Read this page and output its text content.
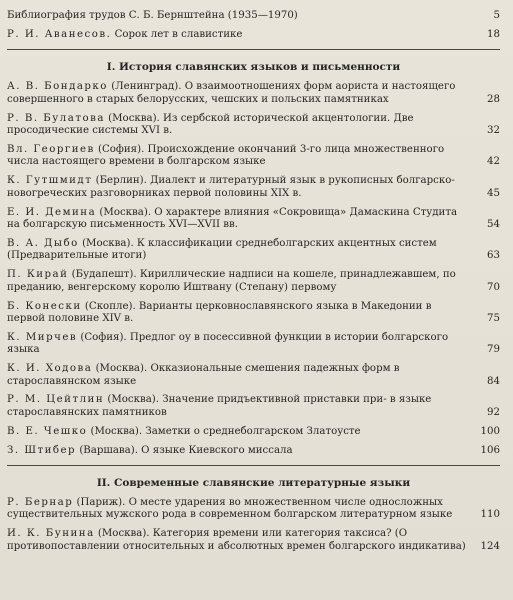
Библиография трудов С. Б. Бернштейна (1935—1970)	5
Р. И. Аванесов. Сорок лет в славистике	18
I. История славянских языков и письменности
А. В. Бондарко (Ленинград). О взаимоотношениях форм аориста и настоящего совершенного в старых белорусских, чешских и польских памятниках	28
Р. В. Булатова (Москва). Из сербской исторической акцентологии. Две просодические системы XVI в.	32
Вл. Георгиев (София). Происхождение окончаний 3-го лица множественного числа настоящего времени в болгарском языке	42
К. Гутшмидт (Берлин). Диалект и литературный язык в рукописных болгарско-новогреческих разговорниках первой половины XIX в.	45
Е. И. Демина (Москва). О характере влияния «Сокровища» Дамаскина Студита на болгарскую письменность XVI—XVII вв.	54
В. А. Дыбо (Москва). К классификации среднеболгарских акцентных систем (Предварительные итоги)	63
П. Кирай (Будапешт). Кириллические надписи на кошеле, принадлежавшем, по преданию, венгерскому королю Иштвану (Степану) первому	70
Б. Конески (Скопле). Варианты церковнославянского языка в Македонии в первой половине XIV в.	75
К. Мирчев (София). Предлог оу в посессивной функции в истории болгарского языка	79
К. И. Ходова (Москва). Окказиональные смешения падежных форм в старославянском языке	84
Р. М. Цейтлин (Москва). Значение придъективной приставки при- в языке старославянских памятников	92
В. Е. Чешко (Москва). Заметки о среднеболгарском Златоусте	100
З. Штибер (Варшава). О языке Киевского миссала	106
II. Современные славянские литературные языки
Р. Бернар (Париж). О месте ударения во множественном числе односложных существительных мужского рода в современном болгарском литературном языке	110
И. К. Бунина (Москва). Категория времени или категория таксиса? (О противопоставлении относительных и абсолютных времен болгарского индикатива)	124
